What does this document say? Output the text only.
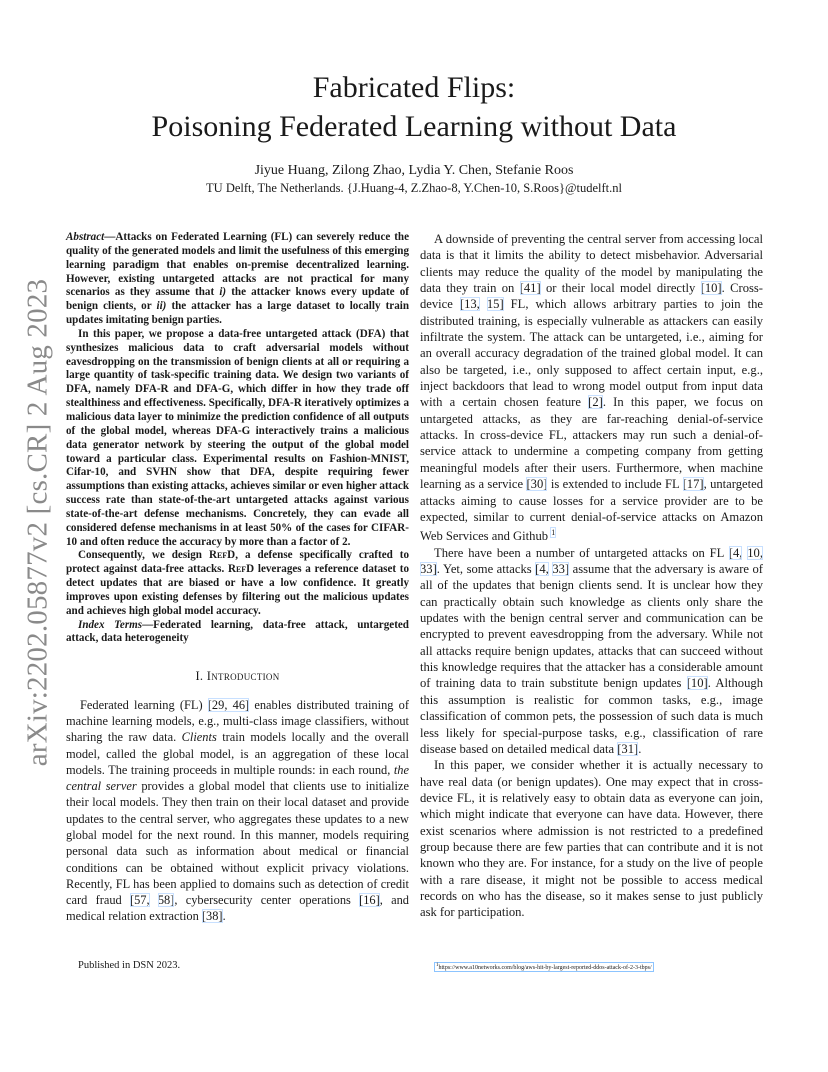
arXiv:2202.05877v2 [cs.CR] 2 Aug 2023
Fabricated Flips:
Poisoning Federated Learning without Data
Jiyue Huang, Zilong Zhao, Lydia Y. Chen, Stefanie Roos
TU Delft, The Netherlands. {J.Huang-4, Z.Zhao-8, Y.Chen-10, S.Roos}@tudelft.nl

Abstract—Attacks on Federated Learning (FL) can severely reduce the quality of the generated models and limit the usefulness of this emerging learning paradigm that enables on-premise decentralized learning. However, existing untargeted attacks are not practical for many scenarios as they assume that i) the attacker knows every update of benign clients, or ii) the attacker has a large dataset to locally train updates imitating benign parties.

In this paper, we propose a data-free untargeted attack (DFA) that synthesizes malicious data to craft adversarial models without eavesdropping on the transmission of benign clients at all or requiring a large quantity of task-specific training data. We design two variants of DFA, namely DFA-R and DFA-G, which differ in how they trade off stealthiness and effectiveness. Specifically, DFA-R iteratively optimizes a malicious data layer to minimize the prediction confidence of all outputs of the global model, whereas DFA-G interactively trains a malicious data generator network by steering the output of the global model toward a particular class. Experimental results on Fashion-MNIST, Cifar-10, and SVHN show that DFA, despite requiring fewer assumptions than existing attacks, achieves similar or even higher attack success rate than state-of-the-art untargeted attacks against various state-of-the-art defense mechanisms. Concretely, they can evade all considered defense mechanisms in at least 50% of the cases for CIFAR-10 and often reduce the accuracy by more than a factor of 2.

Consequently, we design RefD, a defense specifically crafted to protect against data-free attacks. RefD leverages a reference dataset to detect updates that are biased or have a low confidence. It greatly improves upon existing defenses by filtering out the malicious updates and achieves high global model accuracy.

Index Terms—Federated learning, data-free attack, untargeted attack, data heterogeneity

I. Introduction

Federated learning (FL) [29, 46] enables distributed training of machine learning models, e.g., multi-class image classifiers, without sharing the raw data. Clients train models locally and the overall model, called the global model, is an aggregation of these local models. The training proceeds in multiple rounds: in each round, the central server provides a global model that clients use to initialize their local models. They then train on their local dataset and provide updates to the central server, who aggregates these updates to a new global model for the next round. In this manner, models requiring personal data such as information about medical or financial conditions can be obtained without explicit privacy violations. Recently, FL has been applied to domains such as detection of credit card fraud [57, 58], cybersecurity center operations [16], and medical relation extraction [38].

A downside of preventing the central server from accessing local data is that it limits the ability to detect misbehavior. Adversarial clients may reduce the quality of the model by manipulating the data they train on [41] or their local model directly [10]. Cross-device [13, 15] FL, which allows arbitrary parties to join the distributed training, is especially vulnerable as attackers can easily infiltrate the system. The attack can be untargeted, i.e., aiming for an overall accuracy degradation of the trained global model. It can also be targeted, i.e., only supposed to affect certain input, e.g., inject backdoors that lead to wrong model output from input data with a certain chosen feature [2]. In this paper, we focus on untargeted attacks, as they are far-reaching denial-of-service attacks. In cross-device FL, attackers may run such a denial-of-service attack to undermine a competing company from getting meaningful models after their users. Furthermore, when machine learning as a service [30] is extended to include FL [17], untargeted attacks aiming to cause losses for a service provider are to be expected, similar to current denial-of-service attacks on Amazon Web Services and Github $^1$

There have been a number of untargeted attacks on FL [4, 10, 33]. Yet, some attacks [4, 33] assume that the adversary is aware of all of the updates that benign clients send. It is unclear how they can practically obtain such knowledge as clients only share the updates with the benign central server and communication can be encrypted to prevent eavesdropping from the adversary. While not all attacks require benign updates, attacks that can succeed without this knowledge requires that the attacker has a considerable amount of training data to train substitute benign updates [10]. Although this assumption is realistic for common tasks, e.g., image classification of common pets, the possession of such data is much less likely for special-purpose tasks, e.g., classification of rare disease based on detailed medical data [31].

In this paper, we consider whether it is actually necessary to have real data (or benign updates). One may expect that in cross-device FL, it is relatively easy to obtain data as everyone can join, which might indicate that everyone can have data. However, there exist scenarios where admission is not restricted to a predefined group because there are few parties that can contribute and it is not known who they are. For instance, for a study on the live of people with a rare disease, it might not be possible to access medical records on who has the disease, so it makes sense to just publicly ask for participation.

Published in DSN 2023.	$^1$https://www.a10networks.com/blog/aws-hit-by-largest-reported-ddos-attack-of-2-3-tbps/
